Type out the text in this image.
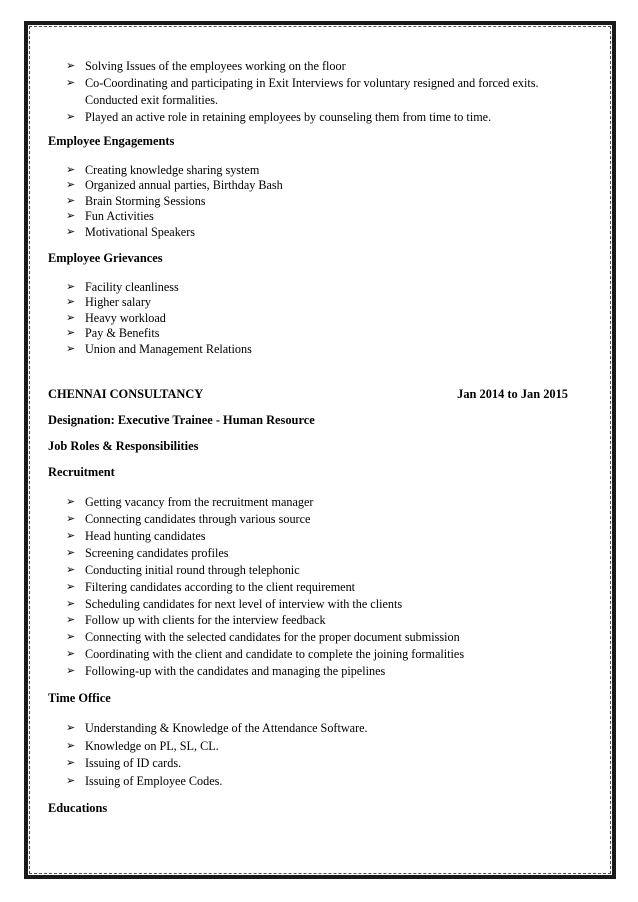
➢ Solving Issues of the employees working on the floor
➢ Co-Coordinating and participating in Exit Interviews for voluntary resigned and forced exits. Conducted exit formalities.
➢ Played an active role in retaining employees by counseling them from time to time.
Employee Engagements
➢ Creating knowledge sharing system
➢ Organized annual parties, Birthday Bash
➢ Brain Storming Sessions
➢ Fun Activities
➢ Motivational Speakers
Employee Grievances
➢ Facility cleanliness
➢ Higher salary
➢ Heavy workload
➢ Pay & Benefits
➢ Union and Management Relations
CHENNAI CONSULTANCY	Jan 2014 to Jan 2015
Designation: Executive Trainee - Human Resource
Job Roles & Responsibilities
Recruitment
➢ Getting vacancy from the recruitment manager
➢ Connecting candidates through various source
➢ Head hunting candidates
➢ Screening candidates profiles
➢ Conducting initial round through telephonic
➢ Filtering candidates according to the client requirement
➢ Scheduling candidates for next level of interview with the clients
➢ Follow up with clients for the interview feedback
➢ Connecting with the selected candidates for the proper document submission
➢ Coordinating with the client and candidate to complete the joining formalities
➢ Following-up with the candidates and managing the pipelines
Time Office
➢ Understanding & Knowledge of the Attendance Software.
➢ Knowledge on PL, SL, CL.
➢ Issuing of ID cards.
➢ Issuing of Employee Codes.
Educations
